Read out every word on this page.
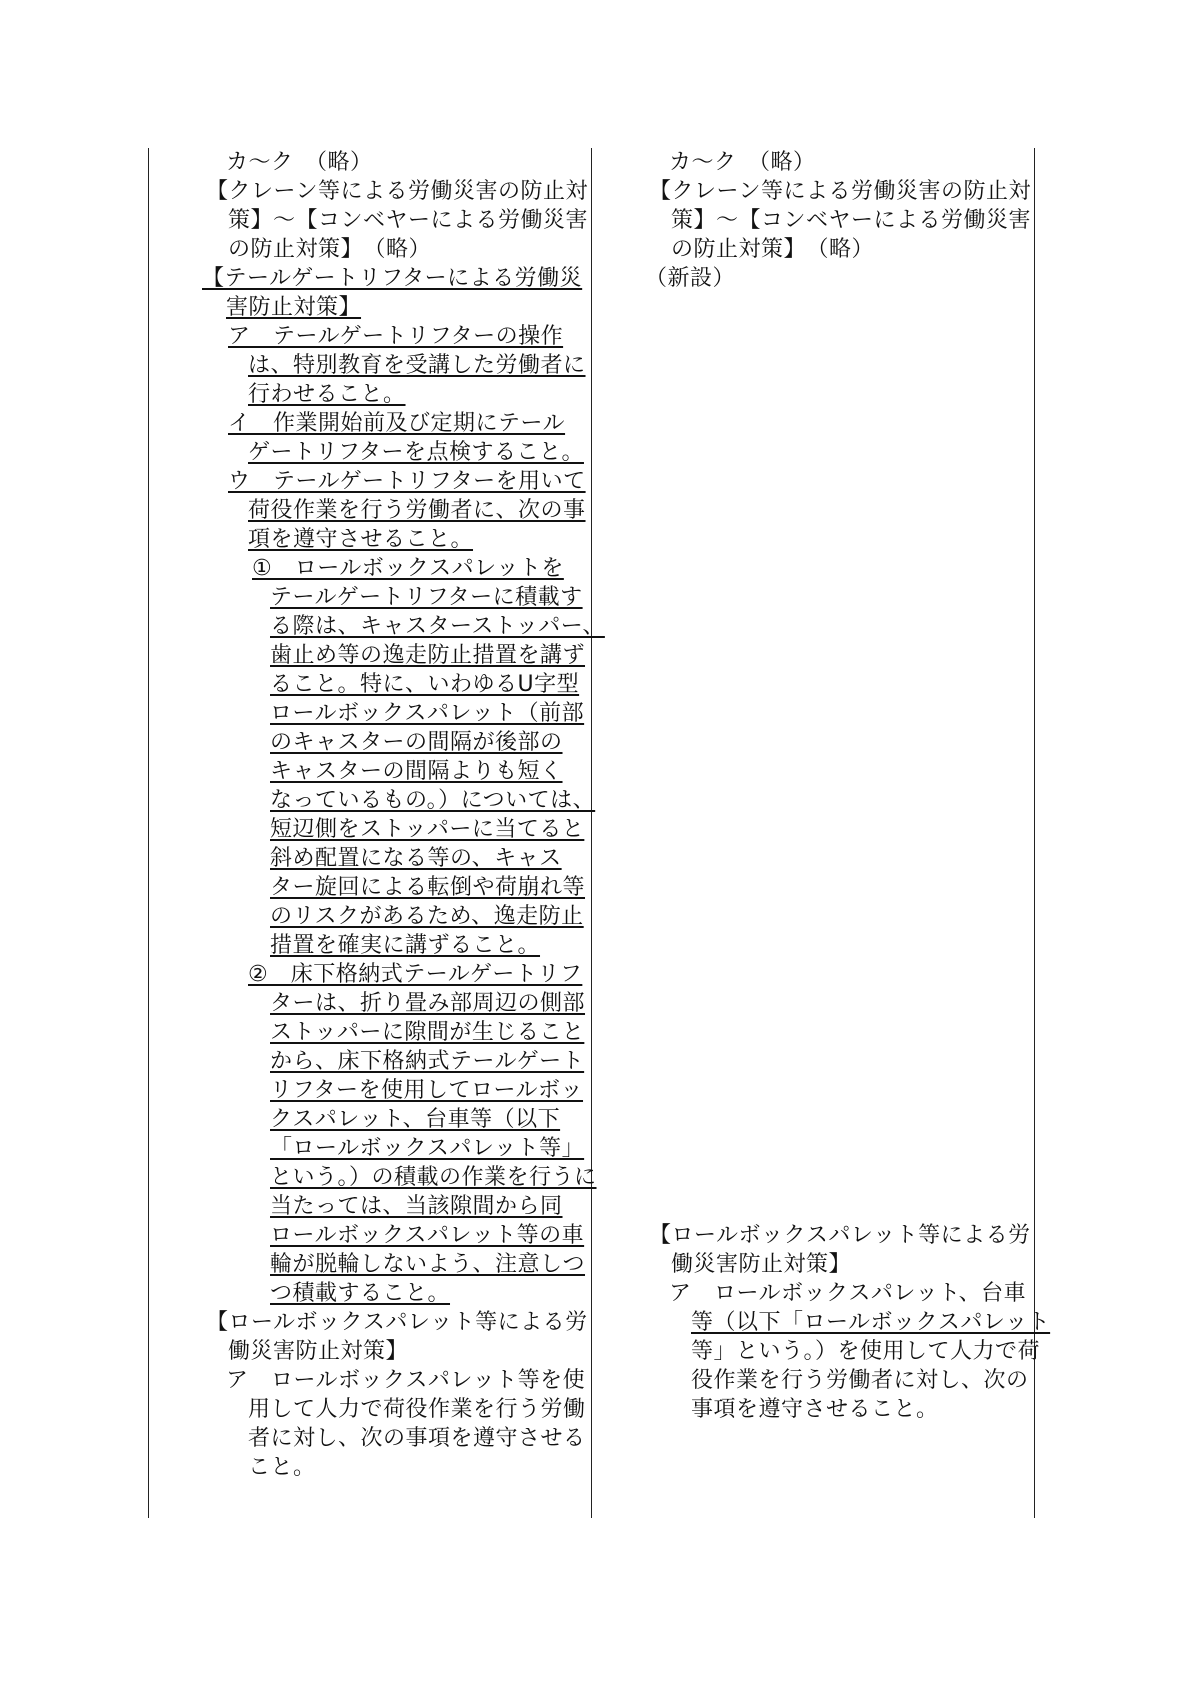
カ～ク　（略）
【クレーン等による労働災害の防止対
策】～【コンベヤーによる労働災害
の防止対策】　（略）
【テールゲートリフターによる労働災
害防止対策】
ア　テールゲートリフターの操作
は、特別教育を受講した労働者に
行わせること。
イ　作業開始前及び定期にテール
ゲートリフターを点検すること。
ウ　テールゲートリフターを用いて
荷役作業を行う労働者に、次の事
項を遵守させること。
①　ロールボックスパレットを
テールゲートリフターに積載す
る際は、キャスターストッパー、
歯止め等の逸走防止措置を講ず
ること。特に、いわゆるU字型
ロールボックスパレット（前部
のキャスターの間隔が後部の
キャスターの間隔よりも短く
なっているもの。）については、
短辺側をストッパーに当てると
斜め配置になる等の、キャス
ター旋回による転倒や荷崩れ等
のリスクがあるため、逸走防止
措置を確実に講ずること。
②　床下格納式テールゲートリフ
ターは、折り畳み部周辺の側部
ストッパーに隙間が生じること
から、床下格納式テールゲート
リフターを使用してロールボッ
クスパレット、台車等（以下
「ロールボックスパレット等」
という。）の積載の作業を行うに
当たっては、当該隙間から同
ロールボックスパレット等の車
輪が脱輪しないよう、注意しつ
つ積載すること。
【ロールボックスパレット等による労
働災害防止対策】
ア　ロールボックスパレット等を使
用して人力で荷役作業を行う労働
者に対し、次の事項を遵守させる
こと。
カ～ク　（略）
【クレーン等による労働災害の防止対
策】～【コンベヤーによる労働災害
の防止対策】　（略）
（新設）
【ロールボックスパレット等による労
働災害防止対策】
ア　ロールボックスパレット、台車
等（以下「ロールボックスパレット
等」という。）を使用して人力で荷
役作業を行う労働者に対し、次の
事項を遵守させること。
